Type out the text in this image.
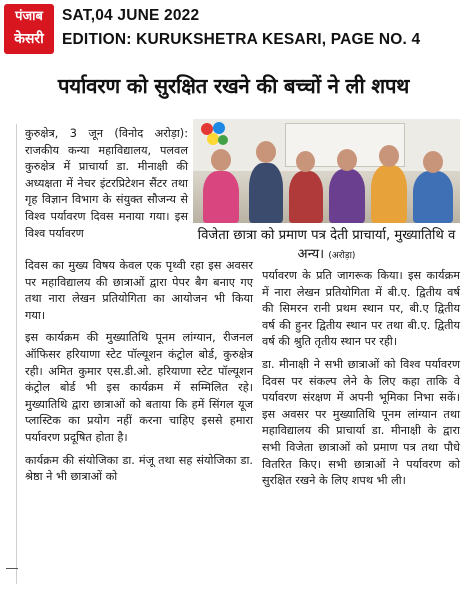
पंजाब
केसरी
SAT,04 JUNE 2022
EDITION: KURUKSHETRA KESARI, PAGE NO. 4
पर्यावरण को सुरक्षित रखने की बच्चों ने ली शपथ

कुरुक्षेत्र, 3 जून (विनोद अरोड़ा): राजकीय कन्या महाविद्यालय, पलवल कुरुक्षेत्र में प्राचार्या डा. मीनाक्षी की अध्यक्षता में नेचर इंटरप्रिटेशन सैंटर तथा गृह विज्ञान विभाग के संयुक्त सौजन्य से विश्व पर्यावरण दिवस मनाया गया। इस विश्व पर्यावरण	विजेता छात्रा को प्रमाण पत्र देती प्राचार्या, मुख्यातिथि व अन्य। (अरोड़ा)

दिवस का मुख्य विषय केवल एक पृथ्वी रहा इस अवसर पर महाविद्यालय की छात्राओं द्वारा पेपर बैग बनाए गए तथा नारा लेखन प्रतियोगिता का आयोजन भी किया गया।

इस कार्यक्रम की मुख्यातिथि पूनम लांग्यान, रीजनल ऑफिसर हरियाणा स्टेट पॉल्यूशन कंट्रोल बोर्ड, कुरुक्षेत्र रही। अमित कुमार एस.डी.ओ. हरियाणा स्टेट पॉल्यूशन कंट्रोल बोर्ड भी इस कार्यक्रम में सम्मिलित रहे। मुख्यातिथि द्वारा छात्राओं को बताया कि हमें सिंगल यूज प्लास्टिक का प्रयोग नहीं करना चाहिए इससे हमारा पर्यावरण प्रदूषित होता है।

कार्यक्रम की संयोजिका डा. मंजू तथा सह संयोजिका डा. श्रेष्ठा ने भी छात्राओं को

पर्यावरण के प्रति जागरूक किया। इस कार्यक्रम में नारा लेखन प्रतियोगिता में बी.ए. द्वितीय वर्ष की सिमरन रानी प्रथम स्थान पर, बी.ए द्वितीय वर्ष की हुनर द्वितीय स्थान पर तथा बी.ए. द्वितीय वर्ष की श्रुति तृतीय स्थान पर रही।

डा. मीनाक्षी ने सभी छात्राओं को विश्व पर्यावरण दिवस पर संकल्प लेने के लिए कहा ताकि वे पर्यावरण संरक्षण में अपनी भूमिका निभा सकें। इस अवसर पर मुख्यातिथि पूनम लांग्यान तथा महाविद्यालय की प्राचार्या डा. मीनाक्षी के द्वारा सभी विजेता छात्राओं को प्रमाण पत्र तथा पौधे वितरित किए। सभी छात्राओं ने पर्यावरण को सुरक्षित रखने के लिए शपथ भी ली।
